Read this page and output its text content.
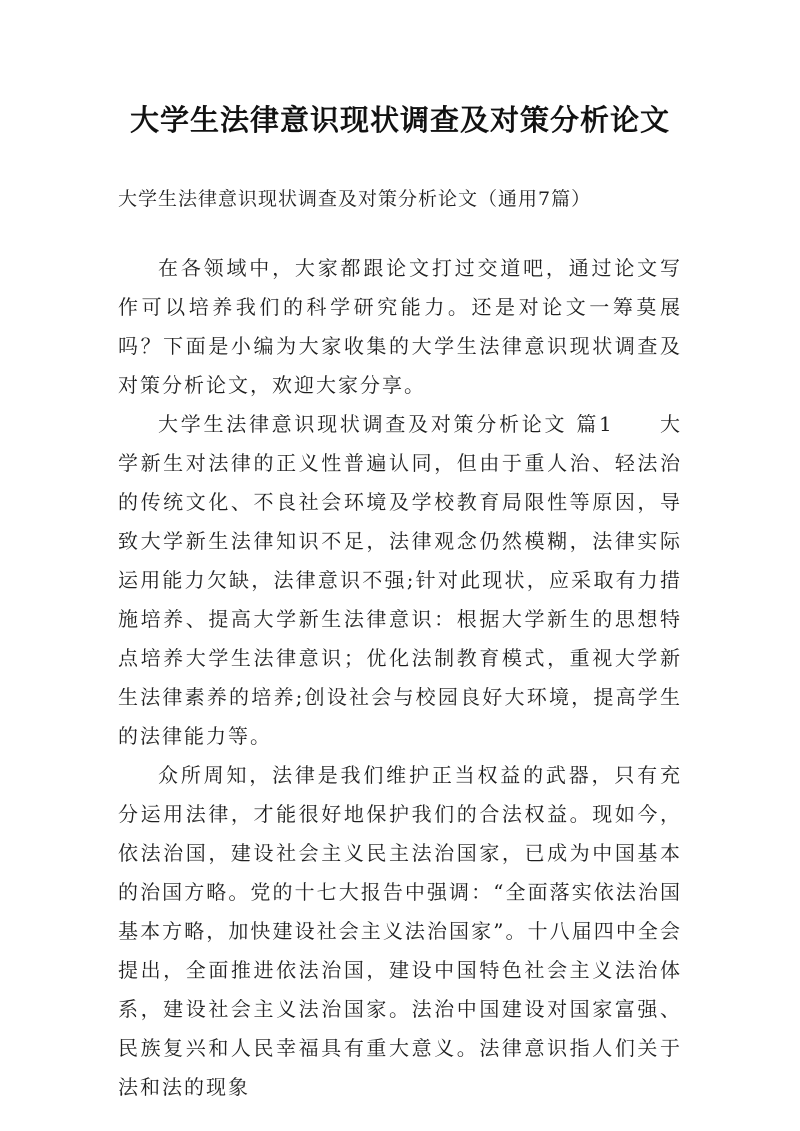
大学生法律意识现状调查及对策分析论文
大学生法律意识现状调查及对策分析论文（通用7篇）

在各领域中，大家都跟论文打过交道吧，通过论文写作可以培养我们的科学研究能力。还是对论文一筹莫展吗？下面是小编为大家收集的大学生法律意识现状调查及对策分析论文，欢迎大家分享。

大学生法律意识现状调查及对策分析论文 篇1　　大学新生对法律的正义性普遍认同，但由于重人治、轻法治的传统文化、不良社会环境及学校教育局限性等原因，导致大学新生法律知识不足，法律观念仍然模糊，法律实际运用能力欠缺，法律意识不强;针对此现状，应采取有力措施培养、提高大学新生法律意识：根据大学新生的思想特点培养大学生法律意识；优化法制教育模式，重视大学新生法律素养的培养;创设社会与校园良好大环境，提高学生的法律能力等。

众所周知，法律是我们维护正当权益的武器，只有充分运用法律，才能很好地保护我们的合法权益。现如今，依法治国，建设社会主义民主法治国家，已成为中国基本的治国方略。党的十七大报告中强调：“全面落实依法治国基本方略，加快建设社会主义法治国家”。十八届四中全会提出，全面推进依法治国，建设中国特色社会主义法治体系，建设社会主义法治国家。法治中国建设对国家富强、民族复兴和人民幸福具有重大意义。法律意识指人们关于法和法的现象
